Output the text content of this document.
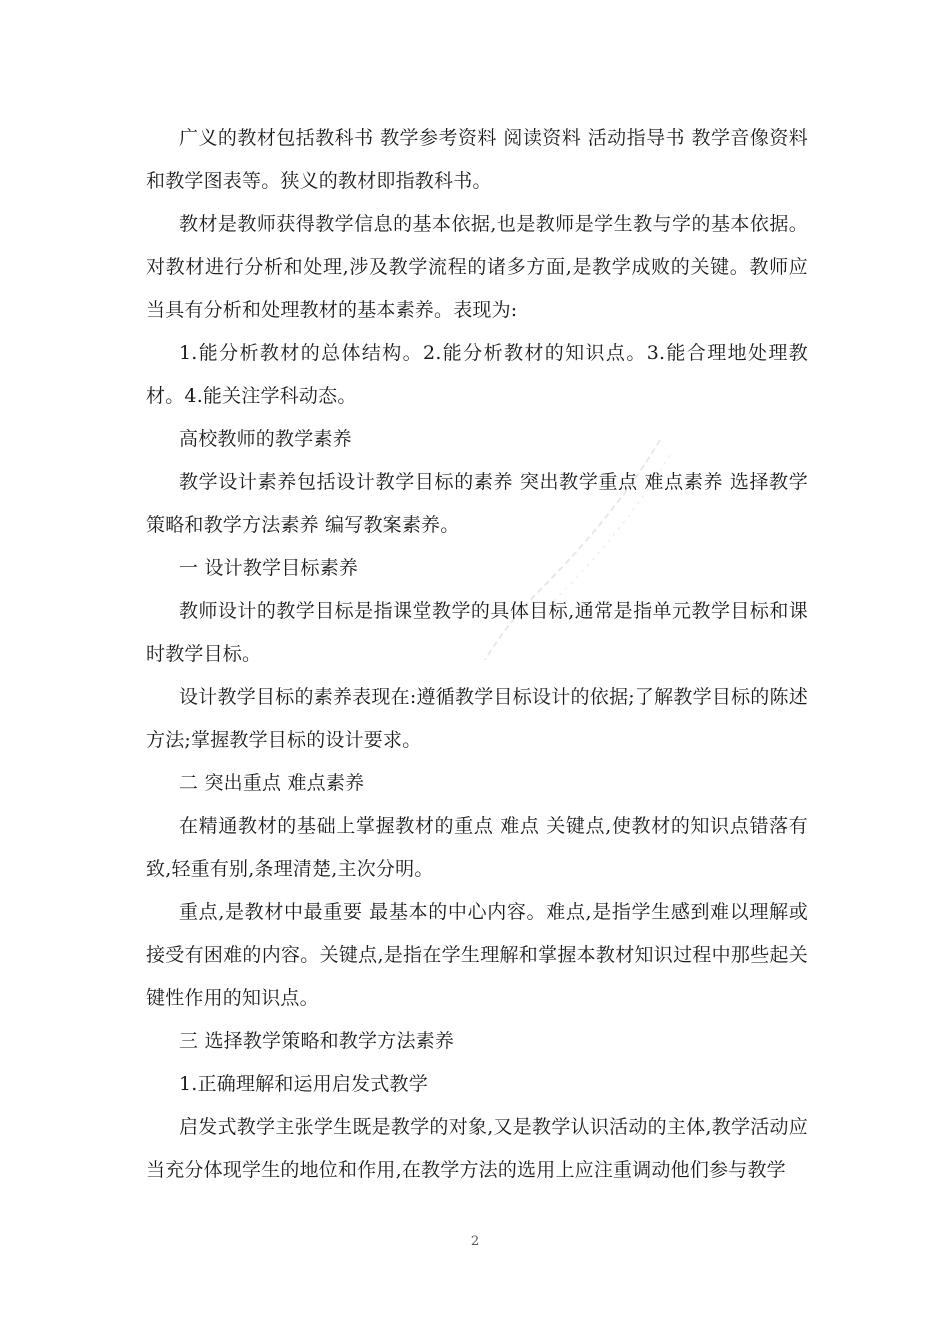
广义的教材包括教科书 教学参考资料 阅读资料 活动指导书 教学音像资料和教学图表等。狭义的教材即指教科书。

教材是教师获得教学信息的基本依据,也是教师是学生教与学的基本依据。对教材进行分析和处理,涉及教学流程的诸多方面,是教学成败的关键。教师应当具有分析和处理教材的基本素养。表现为:

1.能分析教材的总体结构。2.能分析教材的知识点。3.能合理地处理教材。4.能关注学科动态。

高校教师的教学素养

教学设计素养包括设计教学目标的素养 突出教学重点 难点素养 选择教学策略和教学方法素养 编写教案素养。

一 设计教学目标素养

教师设计的教学目标是指课堂教学的具体目标,通常是指单元教学目标和课时教学目标。

设计教学目标的素养表现在:遵循教学目标设计的依据;了解教学目标的陈述方法;掌握教学目标的设计要求。

二 突出重点 难点素养

在精通教材的基础上掌握教材的重点 难点 关键点,使教材的知识点错落有致,轻重有别,条理清楚,主次分明。

重点,是教材中最重要 最基本的中心内容。难点,是指学生感到难以理解或接受有困难的内容。关键点,是指在学生理解和掌握本教材知识过程中那些起关键性作用的知识点。

三 选择教学策略和教学方法素养

1.正确理解和运用启发式教学

启发式教学主张学生既是教学的对象,又是教学认识活动的主体,教学活动应当充分体现学生的地位和作用,在教学方法的选用上应注重调动他们参与教学

2
